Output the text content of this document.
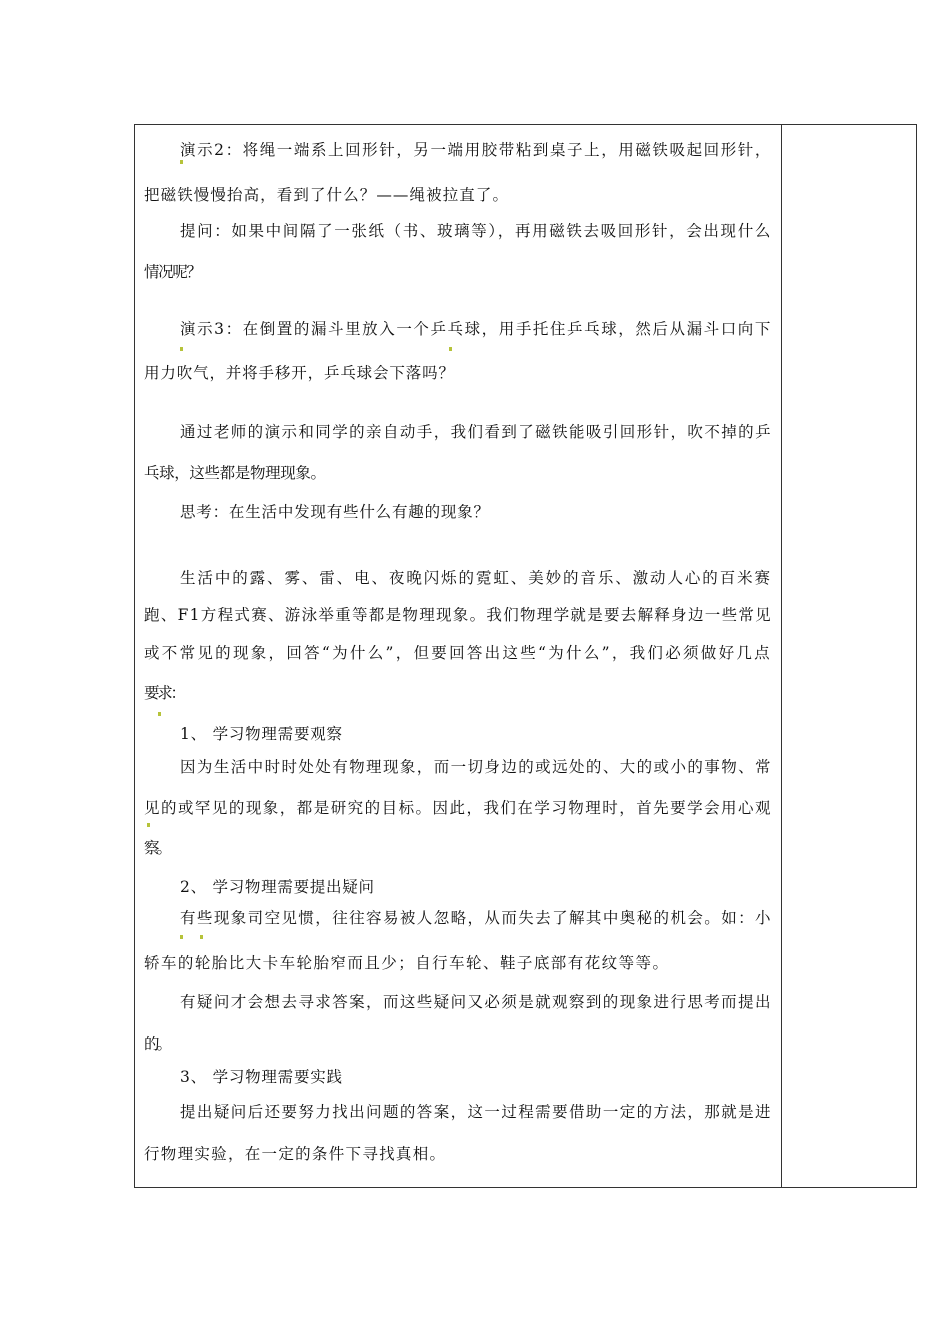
演示2：将绳一端系上回形针，另一端用胶带粘到桌子上，用磁铁吸起回形针，
把磁铁慢慢抬高，看到了什么？——绳被拉直了。
提问：如果中间隔了一张纸（书、玻璃等），再用磁铁去吸回形针，会出现什么
情况呢？
演示3：在倒置的漏斗里放入一个乒乓球，用手托住乒乓球，然后从漏斗口向下
用力吹气，并将手移开，乒乓球会下落吗？
通过老师的演示和同学的亲自动手，我们看到了磁铁能吸引回形针，吹不掉的乒
乓球，这些都是物理现象。
思考：在生活中发现有些什么有趣的现象？
生活中的露、雾、雷、电、夜晚闪烁的霓虹、美妙的音乐、激动人心的百米赛
跑、F1方程式赛、游泳举重等都是物理现象。我们物理学就是要去解释身边一些常见
或不常见的现象，回答“为什么”，但要回答出这些“为什么”，我们必须做好几点
要求：
1、 学习物理需要观察
因为生活中时时处处有物理现象，而一切身边的或远处的、大的或小的事物、常
见的或罕见的现象，都是研究的目标。因此，我们在学习物理时，首先要学会用心观
察。
2、 学习物理需要提出疑问
有些现象司空见惯，往往容易被人忽略，从而失去了解其中奥秘的机会。如：小
轿车的轮胎比大卡车轮胎窄而且少；自行车轮、鞋子底部有花纹等等。
有疑问才会想去寻求答案，而这些疑问又必须是就观察到的现象进行思考而提出
的。
3、 学习物理需要实践
提出疑问后还要努力找出问题的答案，这一过程需要借助一定的方法，那就是进
行物理实验，在一定的条件下寻找真相。
